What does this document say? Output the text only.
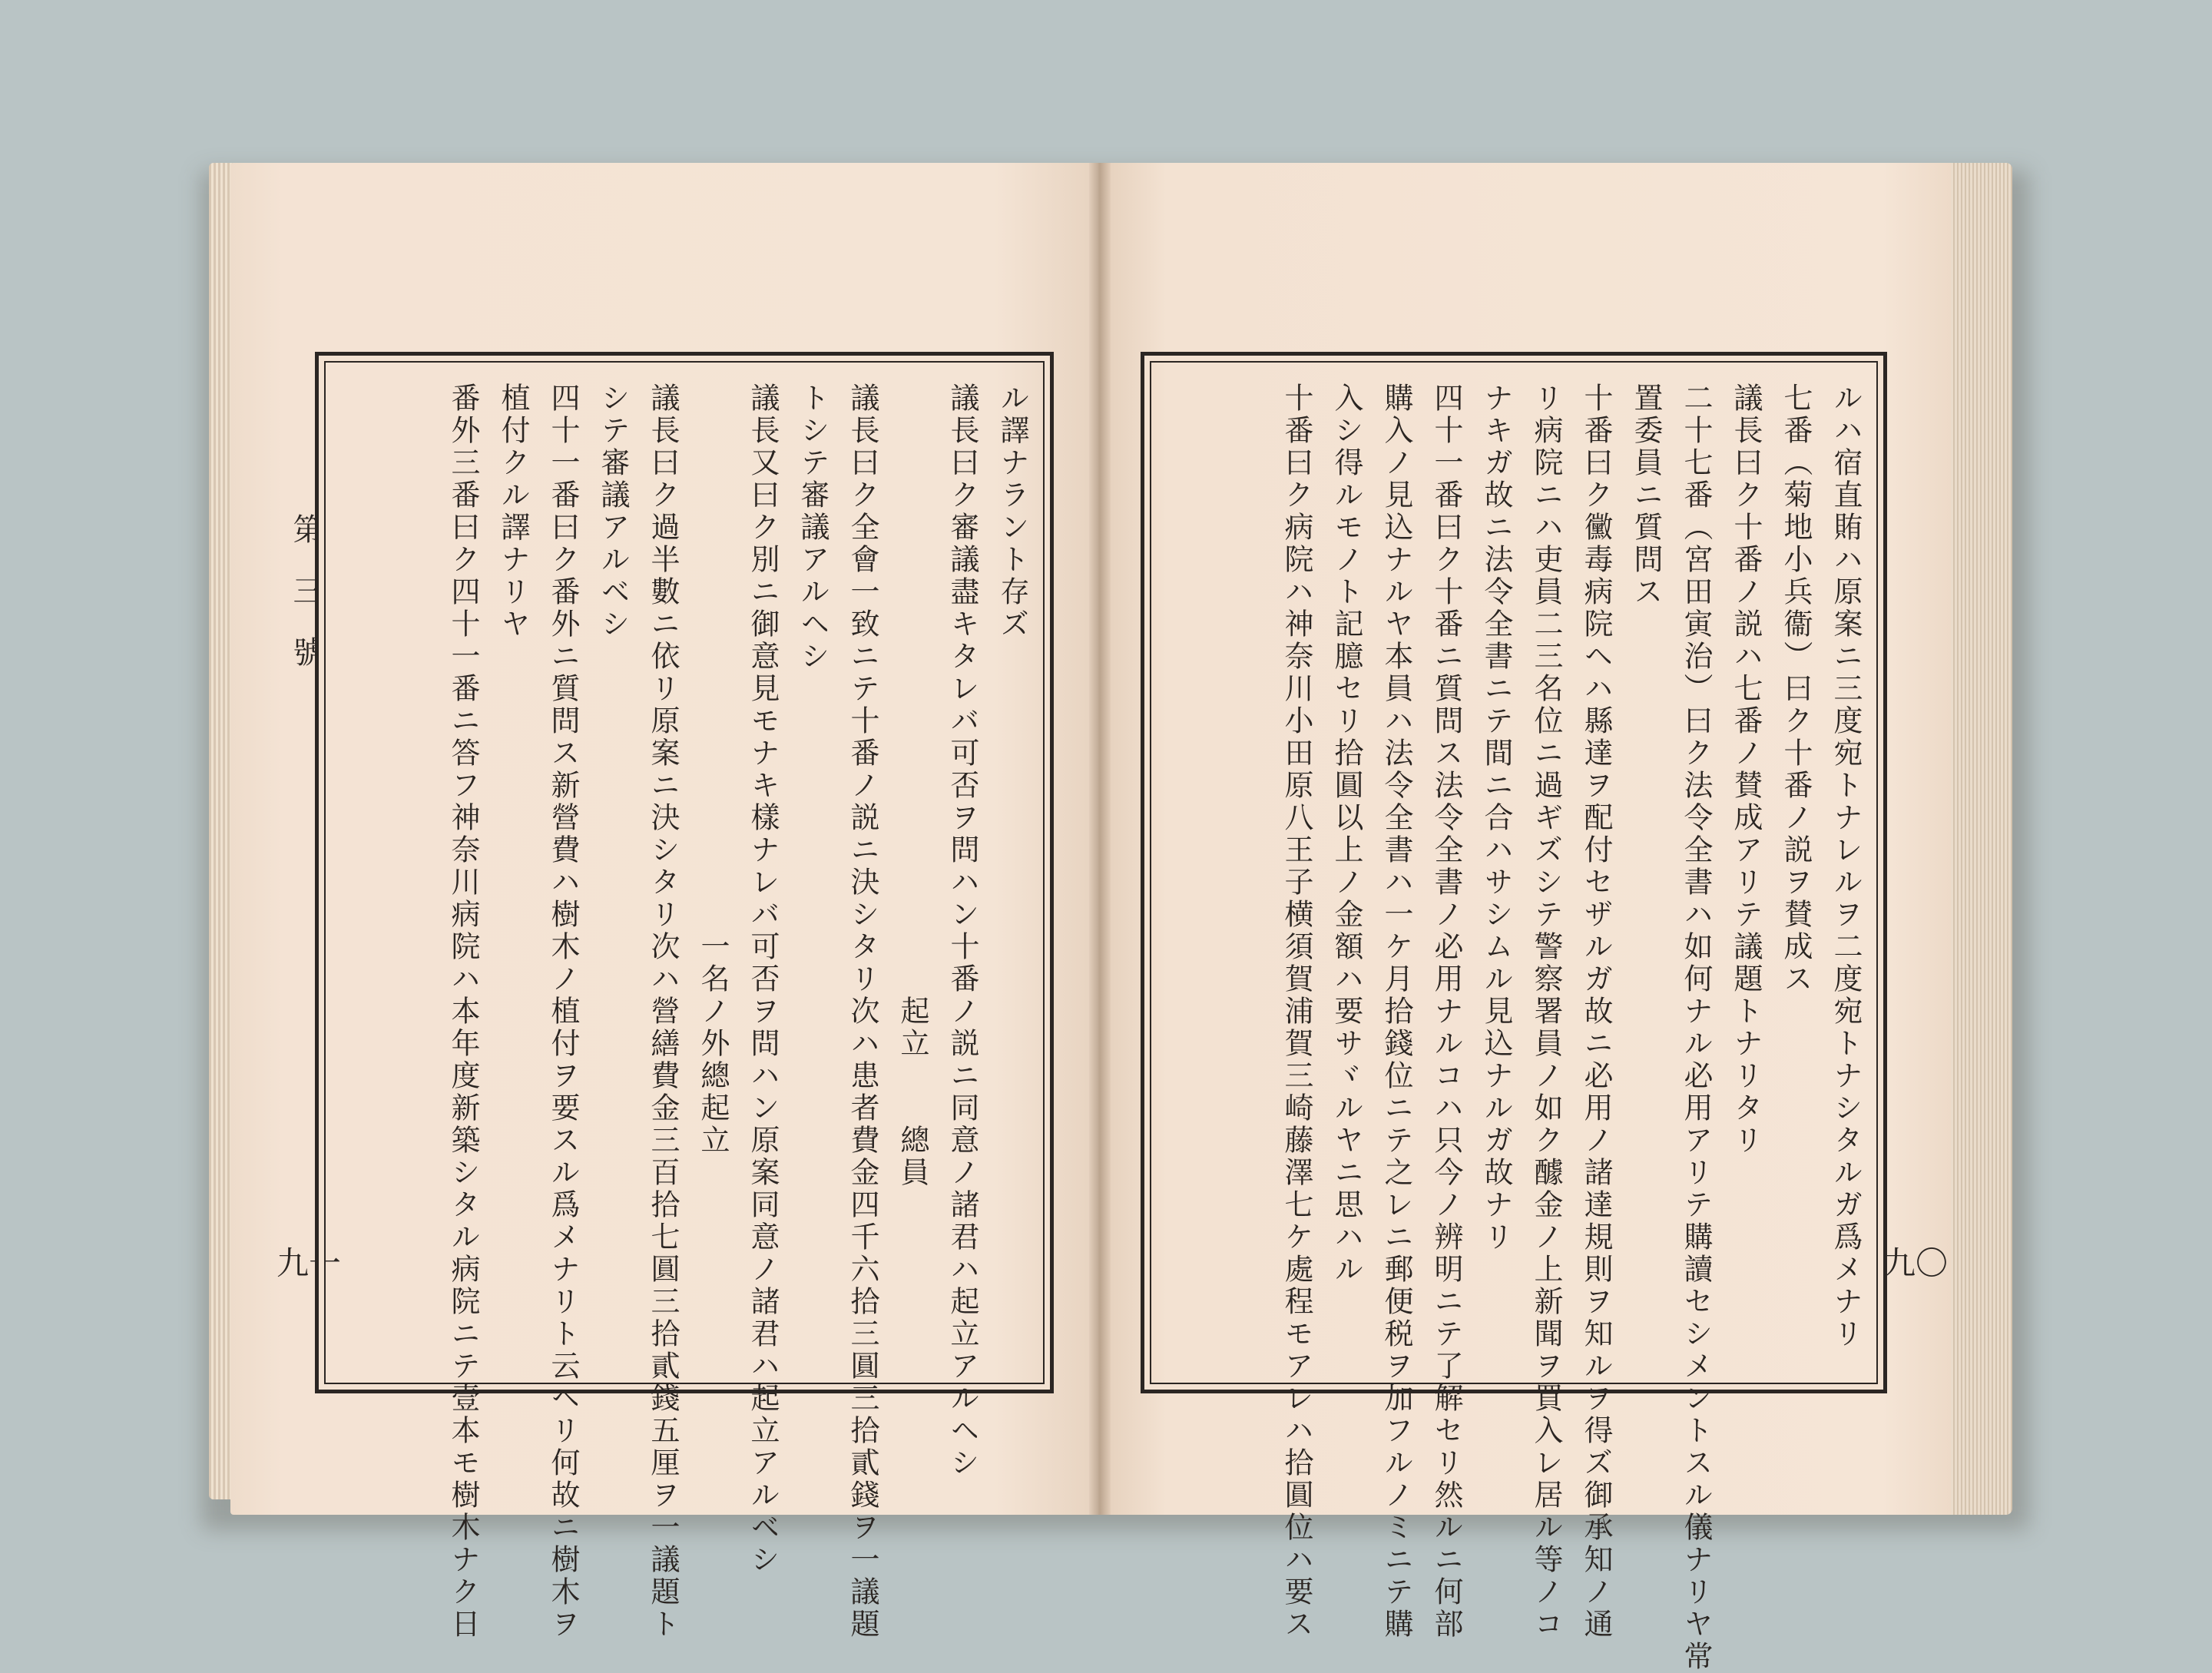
第　三　號
九一	九〇
ル譯ナラント存ズ
議長曰ク審議盡キタレバ可否ヲ問ハン十番ノ説ニ同意ノ諸君ハ起立アルヘシ
　　　　　　　　　　　　　　　　　　　起立　　總員
議長曰ク全會一致ニテ十番ノ説ニ決シタリ次ハ患者費金四千六拾三圓三拾貳錢ヲ一議題
トシテ審議アルヘシ
議長又曰ク別ニ御意見モナキ樣ナレバ可否ヲ問ハン原案同意ノ諸君ハ起立アルベシ
　　　　　　　　　　　　　　　　　一名ノ外總起立
議長曰ク過半數ニ依リ原案ニ決シタリ次ハ營繕費金三百拾七圓三拾貳錢五厘ヲ一議題ト
シテ審議アルベシ
四十一番曰ク番外ニ質問ス新營費ハ樹木ノ植付ヲ要スル爲メナリト云ヘリ何故ニ樹木ヲ
植付クル譯ナリヤ
番外三番曰ク四十一番ニ答フ神奈川病院ハ本年度新築シタル病院ニテ壹本モ樹木ナク日	ルハ宿直賄ハ原案ニ三度宛トナレルヲ二度宛トナシタルガ爲メナリ
七番（菊地小兵衞）曰ク十番ノ説ヲ賛成ス
議長曰ク十番ノ説ハ七番ノ賛成アリテ議題トナリタリ
二十七番（宮田寅治）曰ク法令全書ハ如何ナル必用アリテ購讀セシメントスル儀ナリヤ常
置委員ニ質問ス
十番曰ク黴毒病院ヘハ縣達ヲ配付セザルガ故ニ必用ノ諸達規則ヲ知ルヲ得ズ御承知ノ通
リ病院ニハ吏員二三名位ニ過ギズシテ警察署員ノ如ク醵金ノ上新聞ヲ買入レ居ル等ノコ
ナキガ故ニ法令全書ニテ間ニ合ハサシムル見込ナルガ故ナリ
四十一番曰ク十番ニ質問ス法令全書ノ必用ナルコハ只今ノ辨明ニテ了解セリ然ルニ何部
購入ノ見込ナルヤ本員ハ法令全書ハ一ケ月拾錢位ニテ之レニ郵便税ヲ加フルノミニテ購
入シ得ルモノト記臆セリ拾圓以上ノ金額ハ要サヾルヤニ思ハル
十番曰ク病院ハ神奈川小田原八王子横須賀浦賀三崎藤澤七ケ處程モアレハ拾圓位ハ要ス
